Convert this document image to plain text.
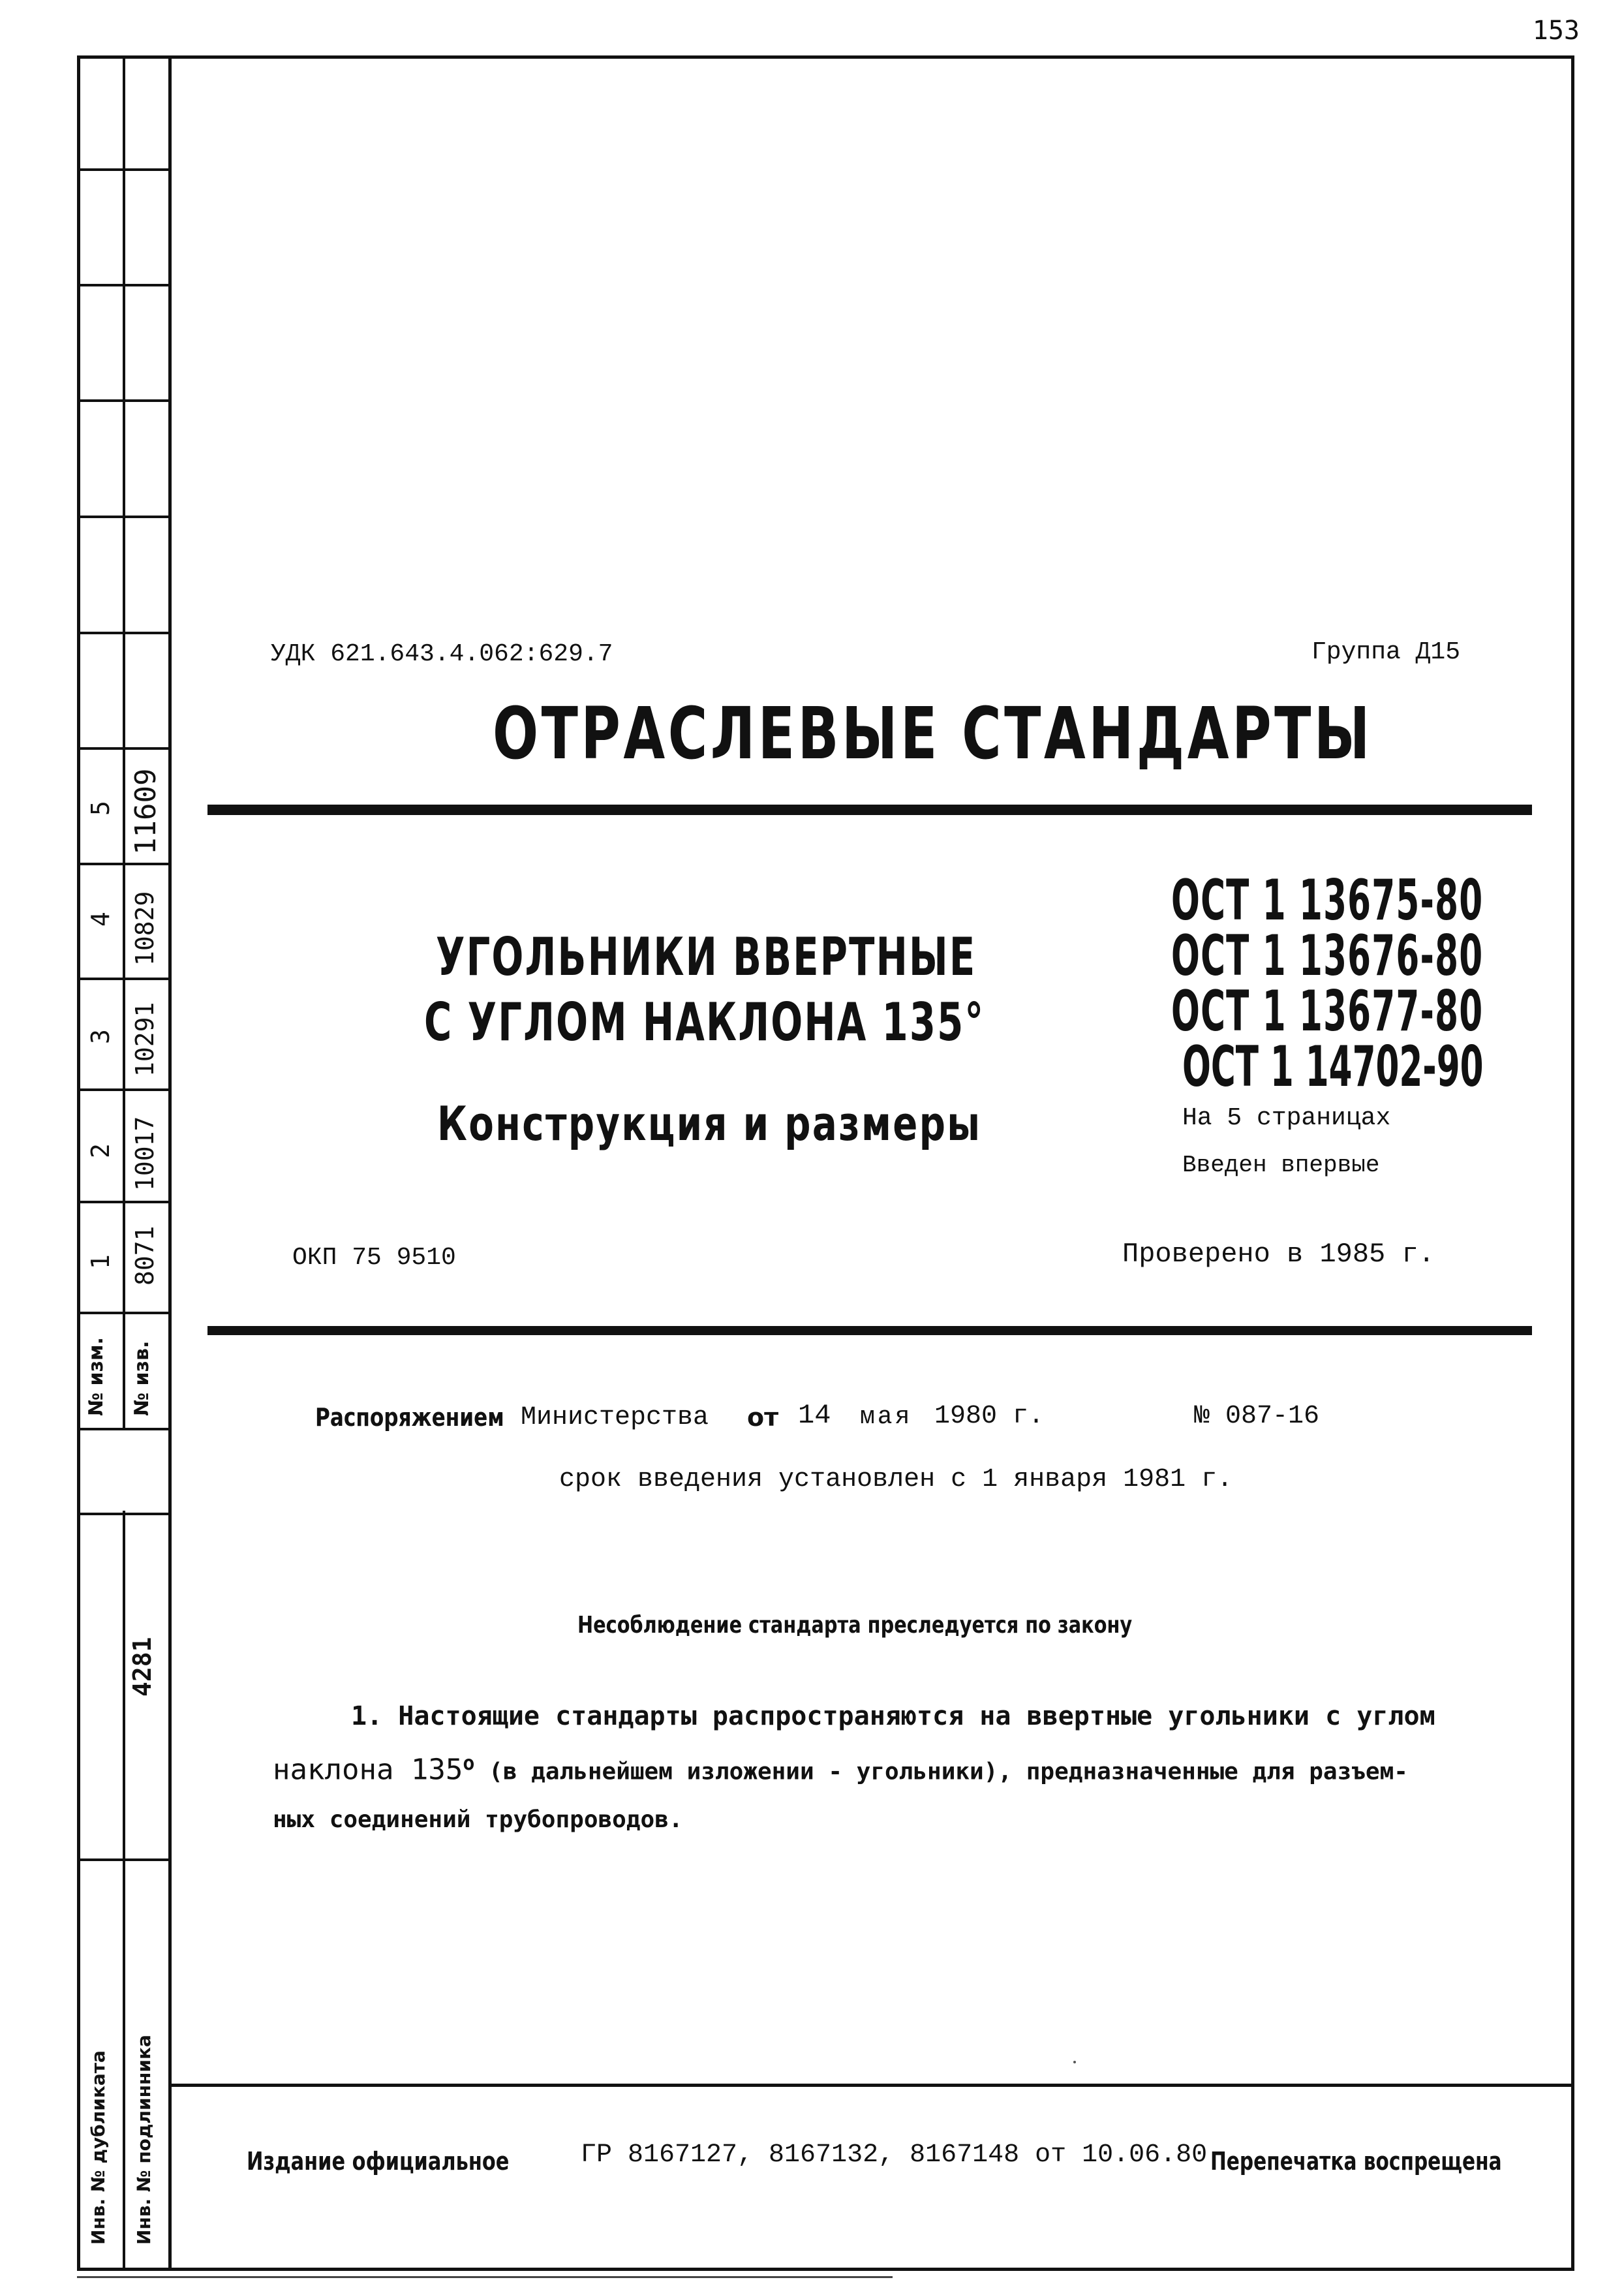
153
5 11609
4 10829
3 10291
2 10017
1 8071
№ изм. № изв.
4281
Инв. № дубликата Инв. № подлинника
УДК 621.643.4.062:629.7	Группа Д15
ОТРАСЛЕВЫЕ СТАНДАРТЫ
УГОЛЬНИКИ ВВЕРТНЫЕ
С УГЛОМ НАКЛОНА 135°
Конструкция и размеры
ОСТ 1 13675-80
ОСТ 1 13676-80
ОСТ 1 13677-80
ОСТ 1 14702-90
На 5 страницах
Введен впервые
ОКП 75 9510	Проверено в 1985 г.
Распоряжением Министерства от 14 мая 1980 г.	№ 087-16
срок введения установлен с 1 января 1981 г.
Несоблюдение стандарта преследуется по закону
1. Настоящие стандарты распространяются на ввертные угольники с углом
наклона $135^о$ (в дальнейшем изложении - угольники), предназначенные для разъем-
ных соединений трубопроводов.
Издание официальное	ГР 8167127, 8167132, 8167148 от 10.06.80 Перепечатка воспрещена
